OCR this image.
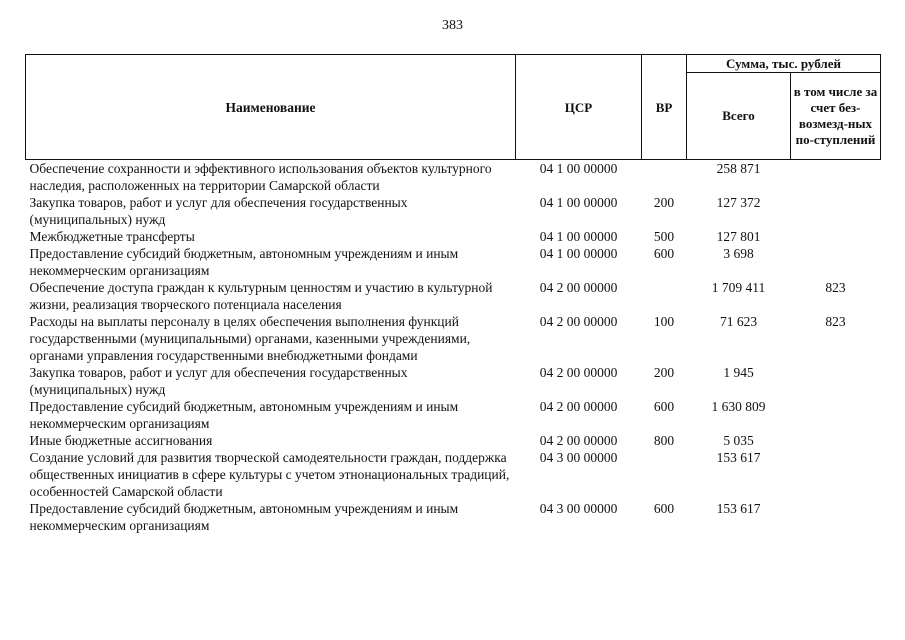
383
Наименование	ЦСР	ВР	Сумма, тыс. рублей	
			Всего	в том числе за счет без-возмезд-ных по-ступлений
Обеспечение сохранности и эффективного использования объектов культурного наследия, расположенных на территории Самарской области	04 1 00 00000		258 871	
Закупка товаров, работ и услуг для обеспечения государственных (муниципальных) нужд	04 1 00 00000	200	127 372	
Межбюджетные трансферты	04 1 00 00000	500	127 801	
Предоставление субсидий бюджетным, автономным учреждениям и иным некоммерческим организациям	04 1 00 00000	600	3 698	
Обеспечение доступа граждан к культурным ценностям и участию в культурной жизни, реализация творческого потенциала населения	04 2 00 00000		1 709 411	823
Расходы на выплаты персоналу в целях обеспечения выполнения функций государственными (муниципальными) органами, казенными учреждениями, органами управления государственными внебюджетными фондами	04 2 00 00000	100	71 623	823
Закупка товаров, работ и услуг для обеспечения государственных (муниципальных) нужд	04 2 00 00000	200	1 945	
Предоставление субсидий бюджетным, автономным учреждениям и иным некоммерческим организациям	04 2 00 00000	600	1 630 809	
Иные бюджетные ассигнования	04 2 00 00000	800	5 035	
Создание условий для развития творческой самодеятельности граждан, поддержка общественных инициатив в сфере культуры с учетом этнонациональных традиций, особенностей Самарской области	04 3 00 00000		153 617	
Предоставление субсидий бюджетным, автономным учреждениям и иным некоммерческим организациям	04 3 00 00000	600	153 617	
